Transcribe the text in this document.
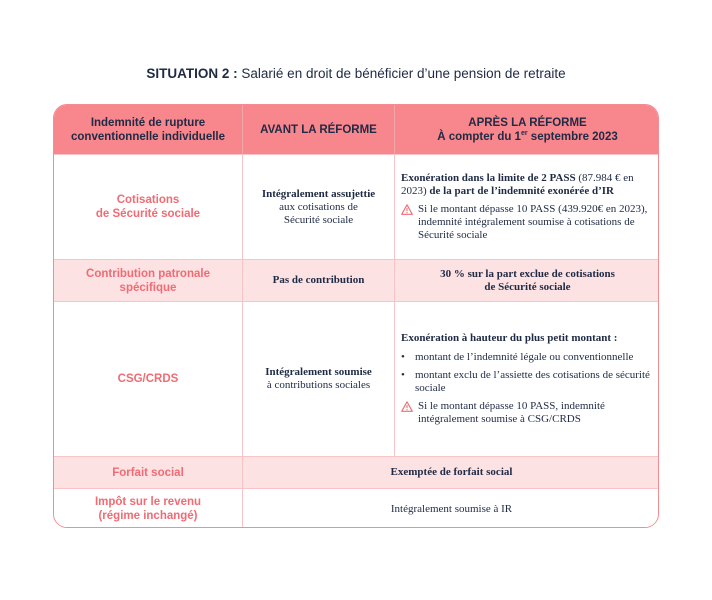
SITUATION 2 : Salarié en droit de bénéficier d’une pension de retraite
Indemnité de rupture conventionnelle individuelle
AVANT LA RÉFORME
APRÈS LA RÉFORME
À compter du 1er septembre 2023
Cotisations
de Sécurité sociale
Intégralement assujettie
aux cotisations de Sécurité sociale
Exonération dans la limite de 2 PASS (87.984 € en 2023) de la part de l’indemnité exonérée d’IR
Si le montant dépasse 10 PASS (439.920€ en 2023), indemnité intégralement soumise à cotisations de Sécurité sociale
Contribution patronale
spécifique
Pas de contribution
30 % sur la part exclue de cotisations
de Sécurité sociale
CSG/CRDS
Intégralement soumise
à contributions sociales
Exonération à hauteur du plus petit montant :
• montant de l’indemnité légale ou conventionnelle
• montant exclu de l’assiette des cotisations de sécurité sociale
Si le montant dépasse 10 PASS, indemnité intégralement soumise à CSG/CRDS
Forfait social	Exemptée de forfait social
Impôt sur le revenu
(régime inchangé)
Intégralement soumise à IR
